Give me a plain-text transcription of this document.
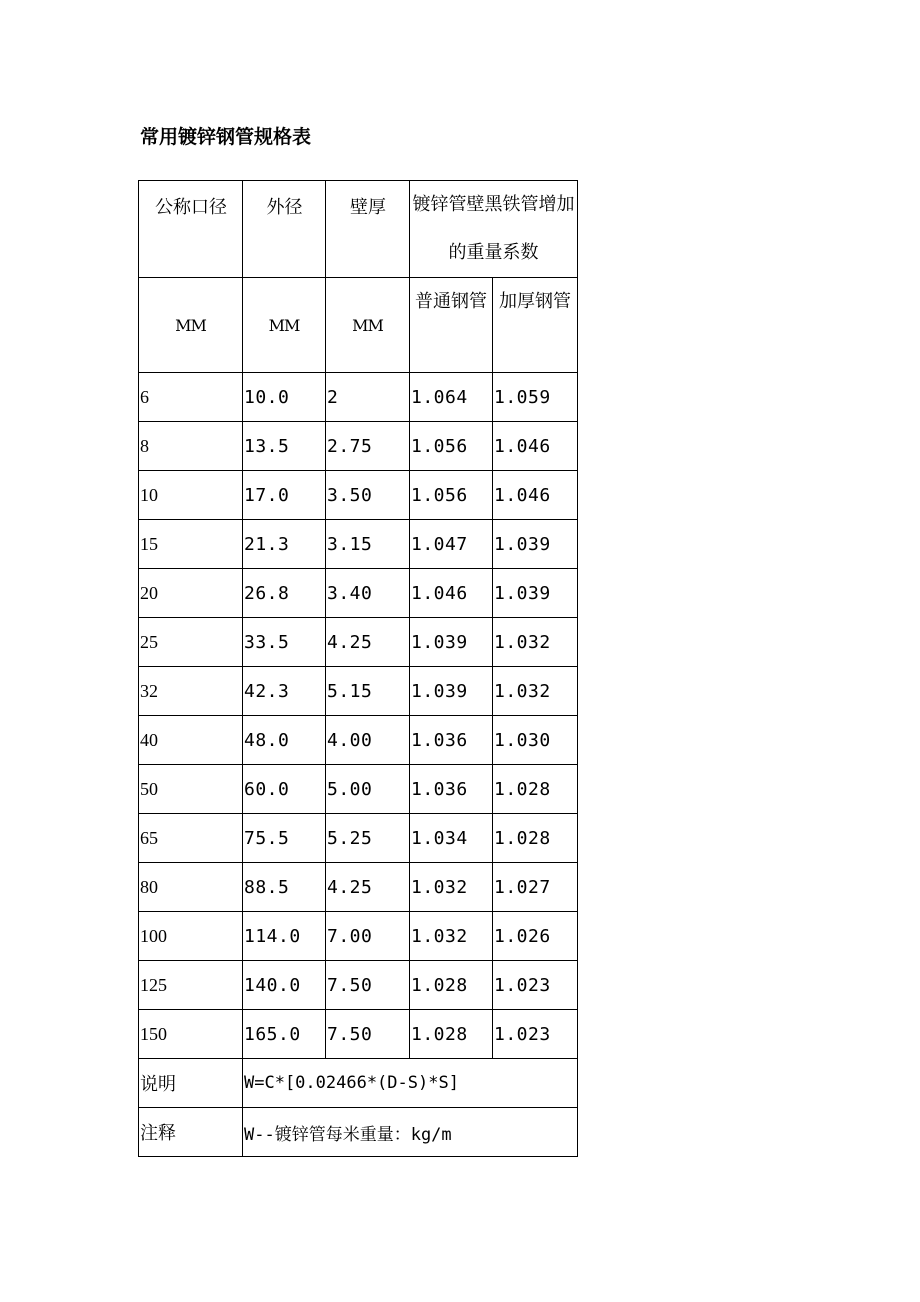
常用镀锌钢管规格表
公称口径	外径	壁厚	镀锌管壁黑铁管增加的重量系数	
MM	MM	MM	普通钢管	加厚钢管
6	10.0	2	1.064	1.059
8	13.5	2.75	1.056	1.046
10	17.0	3.50	1.056	1.046
15	21.3	3.15	1.047	1.039
20	26.8	3.40	1.046	1.039
25	33.5	4.25	1.039	1.032
32	42.3	5.15	1.039	1.032
40	48.0	4.00	1.036	1.030
50	60.0	5.00	1.036	1.028
65	75.5	5.25	1.034	1.028
80	88.5	4.25	1.032	1.027
100	114.0	7.00	1.032	1.026
125	140.0	7.50	1.028	1.023
150	165.0	7.50	1.028	1.023
说明	W=C*[0.02466*(D-S)*S]			
注释	W--镀锌管每米重量：kg/m			
